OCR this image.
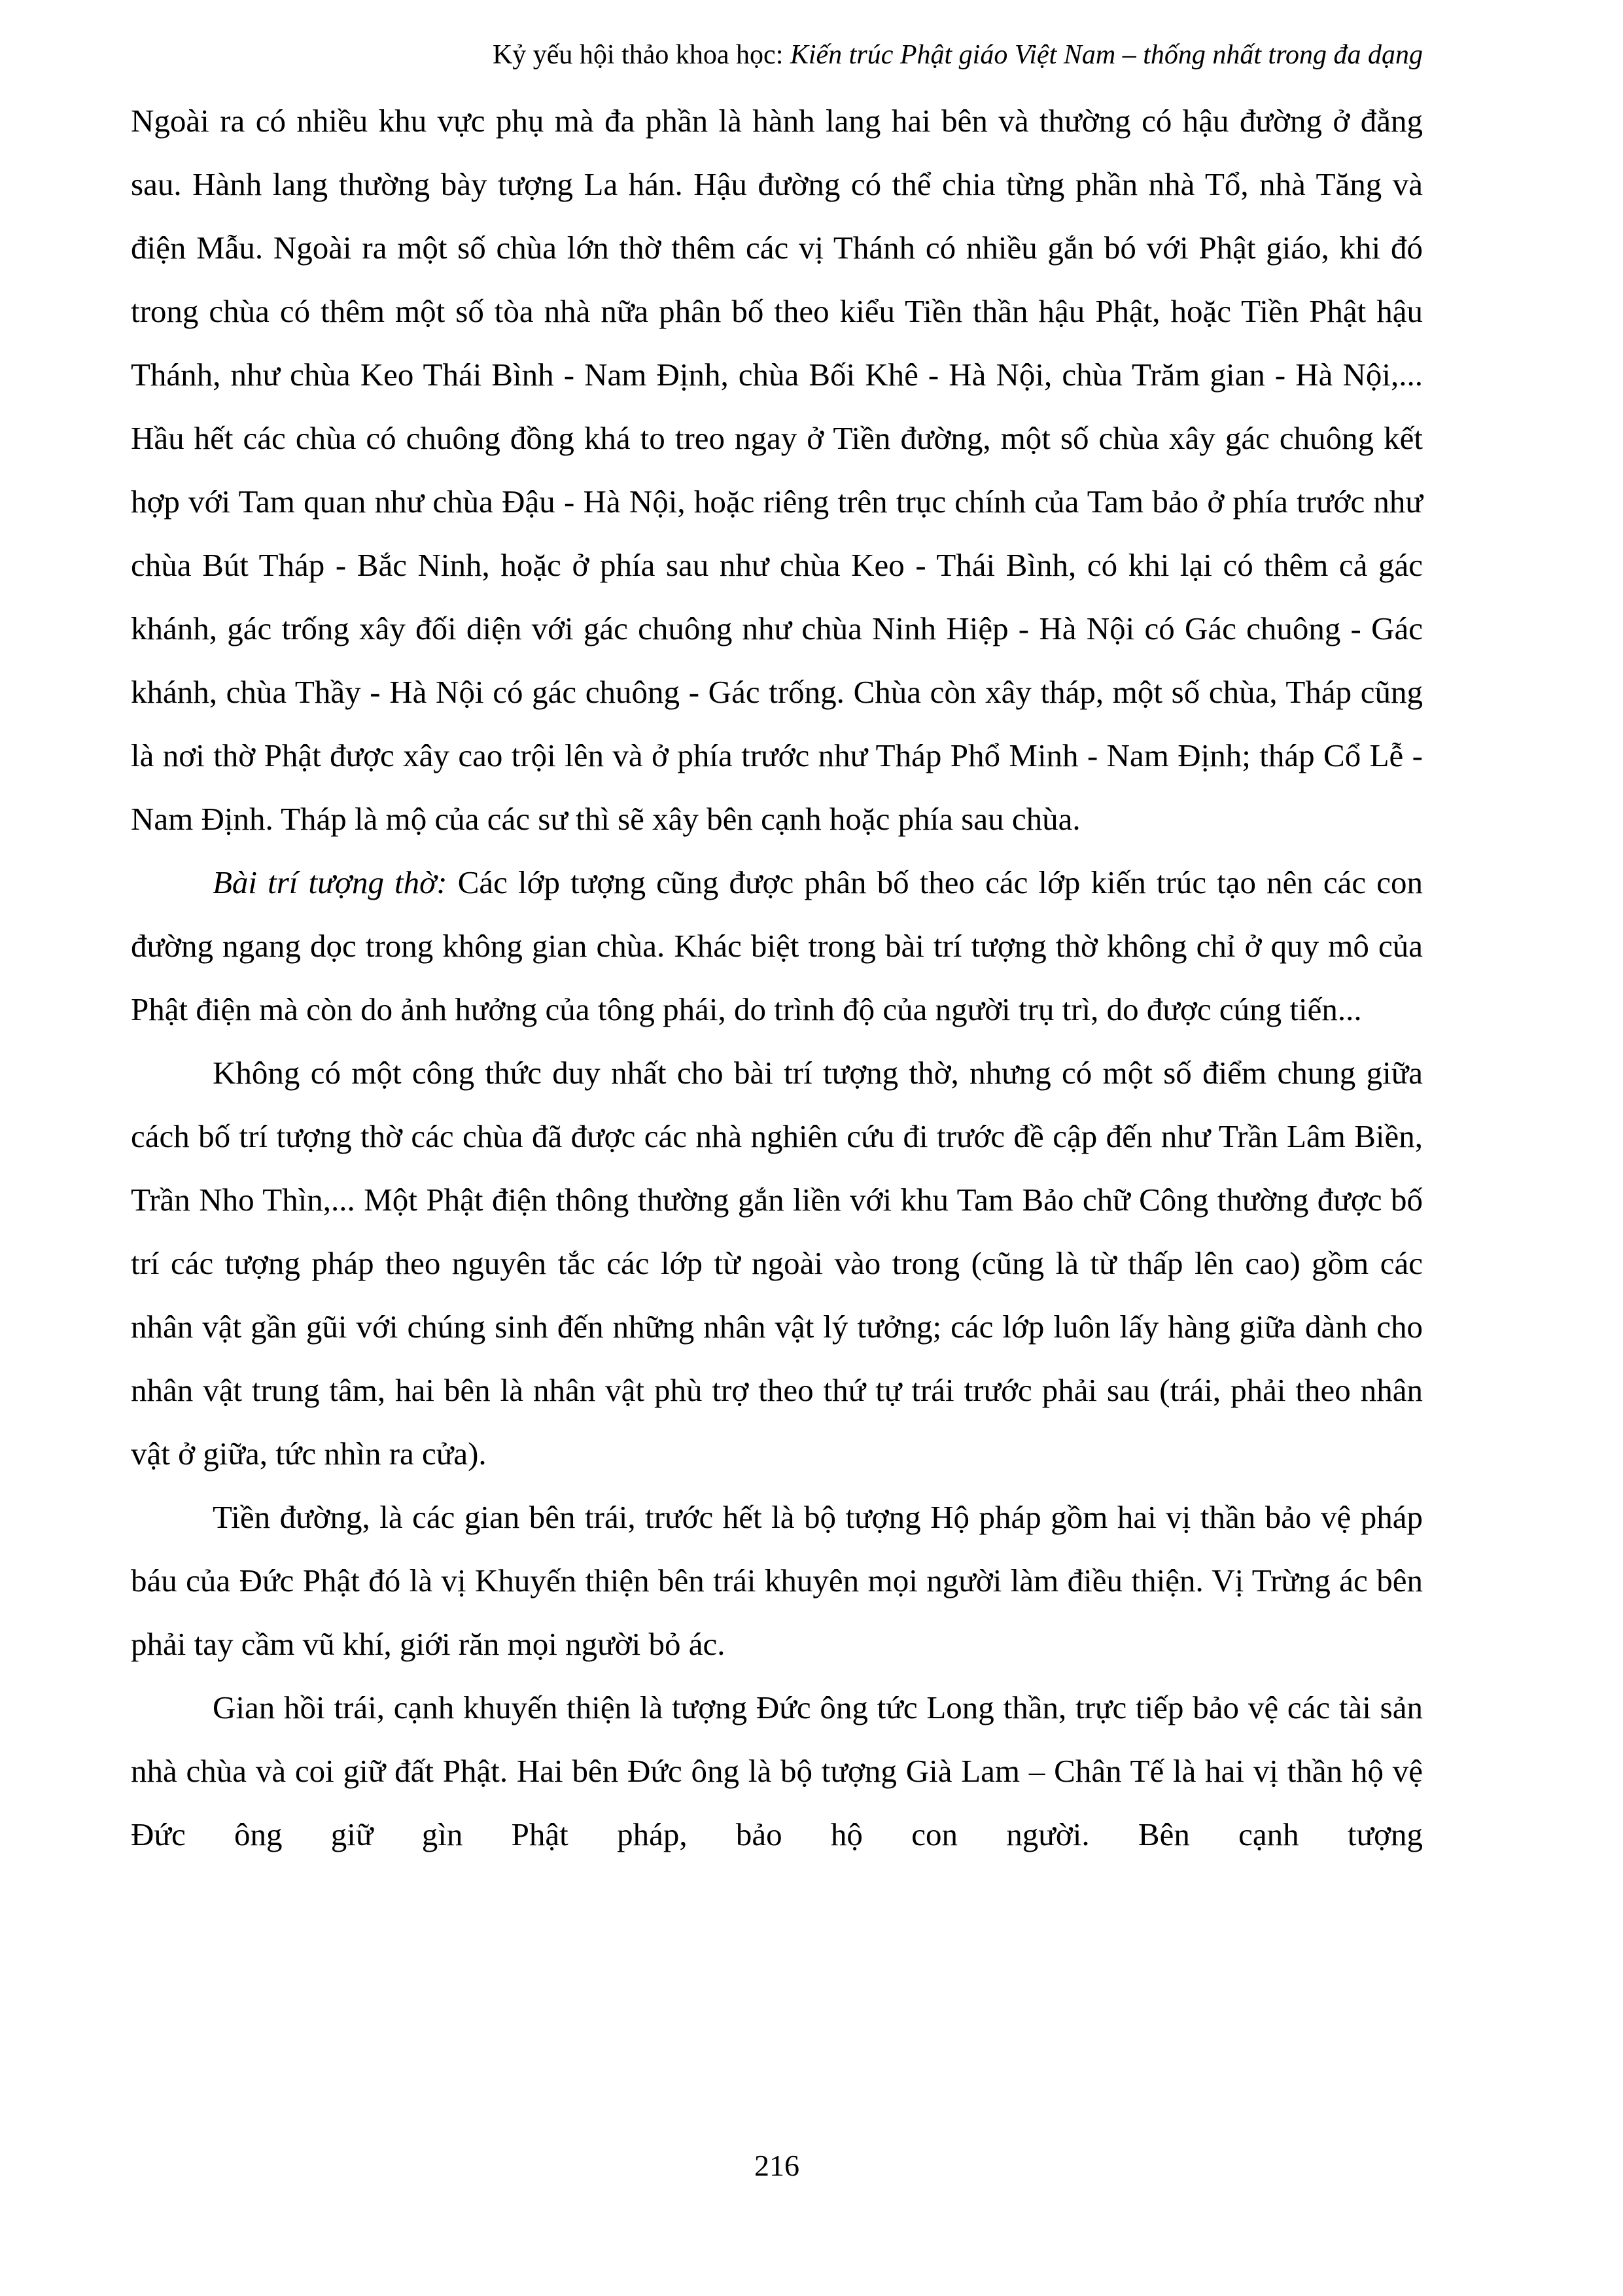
Kỷ yếu hội thảo khoa học: Kiến trúc Phật giáo Việt Nam – thống nhất trong đa dạng

Ngoài ra có nhiều khu vực phụ mà đa phần là hành lang hai bên và thường có hậu đường ở đằng sau. Hành lang thường bày tượng La hán. Hậu đường có thể chia từng phần nhà Tổ, nhà Tăng và điện Mẫu. Ngoài ra một số chùa lớn thờ thêm các vị Thánh có nhiều gắn bó với Phật giáo, khi đó trong chùa có thêm một số tòa nhà nữa phân bố theo kiểu Tiền thần hậu Phật, hoặc Tiền Phật hậu Thánh, như chùa Keo Thái Bình - Nam Định, chùa Bối Khê - Hà Nội, chùa Trăm gian - Hà Nội,... Hầu hết các chùa có chuông đồng khá to treo ngay ở Tiền đường, một số chùa xây gác chuông kết hợp với Tam quan như chùa Đậu - Hà Nội, hoặc riêng trên trục chính của Tam bảo ở phía trước như chùa Bút Tháp - Bắc Ninh, hoặc ở phía sau như chùa Keo - Thái Bình, có khi lại có thêm cả gác khánh, gác trống xây đối diện với gác chuông như chùa Ninh Hiệp - Hà Nội có Gác chuông - Gác khánh, chùa Thầy - Hà Nội có gác chuông - Gác trống. Chùa còn xây tháp, một số chùa, Tháp cũng là nơi thờ Phật được xây cao trội lên và ở phía trước như Tháp Phổ Minh - Nam Định; tháp Cổ Lễ - Nam Định. Tháp là mộ của các sư thì sẽ xây bên cạnh hoặc phía sau chùa.

Bài trí tượng thờ: Các lớp tượng cũng được phân bố theo các lớp kiến trúc tạo nên các con đường ngang dọc trong không gian chùa. Khác biệt trong bài trí tượng thờ không chỉ ở quy mô của Phật điện mà còn do ảnh hưởng của tông phái, do trình độ của người trụ trì, do được cúng tiến...

Không có một công thức duy nhất cho bài trí tượng thờ, nhưng có một số điểm chung giữa cách bố trí tượng thờ các chùa đã được các nhà nghiên cứu đi trước đề cập đến như Trần Lâm Biền, Trần Nho Thìn,... Một Phật điện thông thường gắn liền với khu Tam Bảo chữ Công thường được bố trí các tượng pháp theo nguyên tắc các lớp từ ngoài vào trong (cũng là từ thấp lên cao) gồm các nhân vật gần gũi với chúng sinh đến những nhân vật lý tưởng; các lớp luôn lấy hàng giữa dành cho nhân vật trung tâm, hai bên là nhân vật phù trợ theo thứ tự trái trước phải sau (trái, phải theo nhân vật ở giữa, tức nhìn ra cửa).

Tiền đường, là các gian bên trái, trước hết là bộ tượng Hộ pháp gồm hai vị thần bảo vệ pháp báu của Đức Phật đó là vị Khuyến thiện bên trái khuyên mọi người làm điều thiện. Vị Trừng ác bên phải tay cầm vũ khí, giới răn mọi người bỏ ác.

Gian hồi trái, cạnh khuyến thiện là tượng Đức ông tức Long thần, trực tiếp bảo vệ các tài sản nhà chùa và coi giữ đất Phật. Hai bên Đức ông là bộ tượng Già Lam – Chân Tế là hai vị thần hộ vệ Đức ông giữ gìn Phật pháp, bảo hộ con người. Bên cạnh tượng

216
